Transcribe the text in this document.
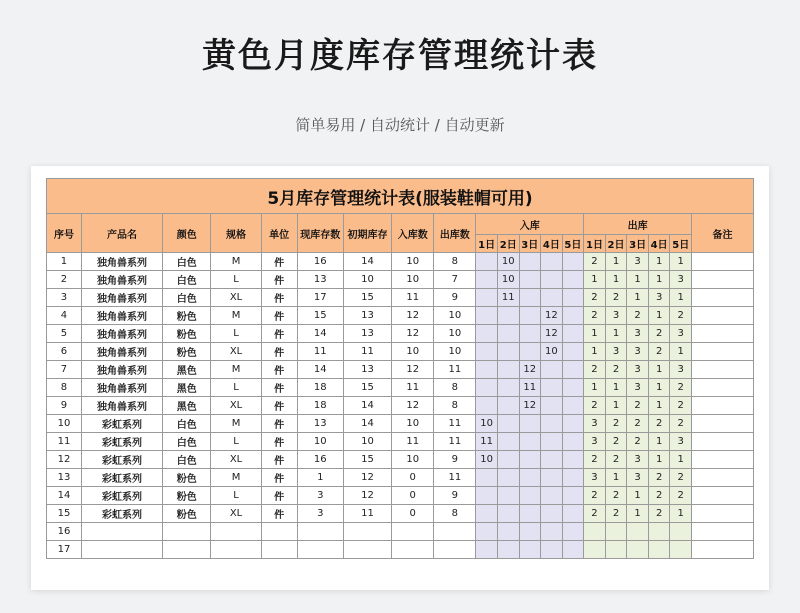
黄色月度库存管理统计表
简单易用 / 自动统计 / 自动更新
5月库存管理统计表(服装鞋帽可用)																			
序号	产品名	颜色	规格	单位	现库存数	初期库存	入库数	出库数	入库					出库					备注
									1日	2日	3日	4日	5日	1日	2日	3日	4日	5日	
1	独角兽系列	白色	M	件	16	14	10	8		10				2	1	3	1	1	
2	独角兽系列	白色	L	件	13	10	10	7		10				1	1	1	1	3	
3	独角兽系列	白色	XL	件	17	15	11	9		11				2	2	1	3	1	
4	独角兽系列	粉色	M	件	15	13	12	10				12		2	3	2	1	2	
5	独角兽系列	粉色	L	件	14	13	12	10				12		1	1	3	2	3	
6	独角兽系列	粉色	XL	件	11	11	10	10				10		1	3	3	2	1	
7	独角兽系列	黑色	M	件	14	13	12	11			12			2	2	3	1	3	
8	独角兽系列	黑色	L	件	18	15	11	8			11			1	1	3	1	2	
9	独角兽系列	黑色	XL	件	18	14	12	8			12			2	1	2	1	2	
10	彩虹系列	白色	M	件	13	14	10	11	10					3	2	2	2	2	
11	彩虹系列	白色	L	件	10	10	11	11	11					3	2	2	1	3	
12	彩虹系列	白色	XL	件	16	15	10	9	10					2	2	3	1	1	
13	彩虹系列	粉色	M	件	1	12	0	11						3	1	3	2	2	
14	彩虹系列	粉色	L	件	3	12	0	9						2	2	1	2	2	
15	彩虹系列	粉色	XL	件	3	11	0	8						2	2	1	2	1	
16																			
17																			
